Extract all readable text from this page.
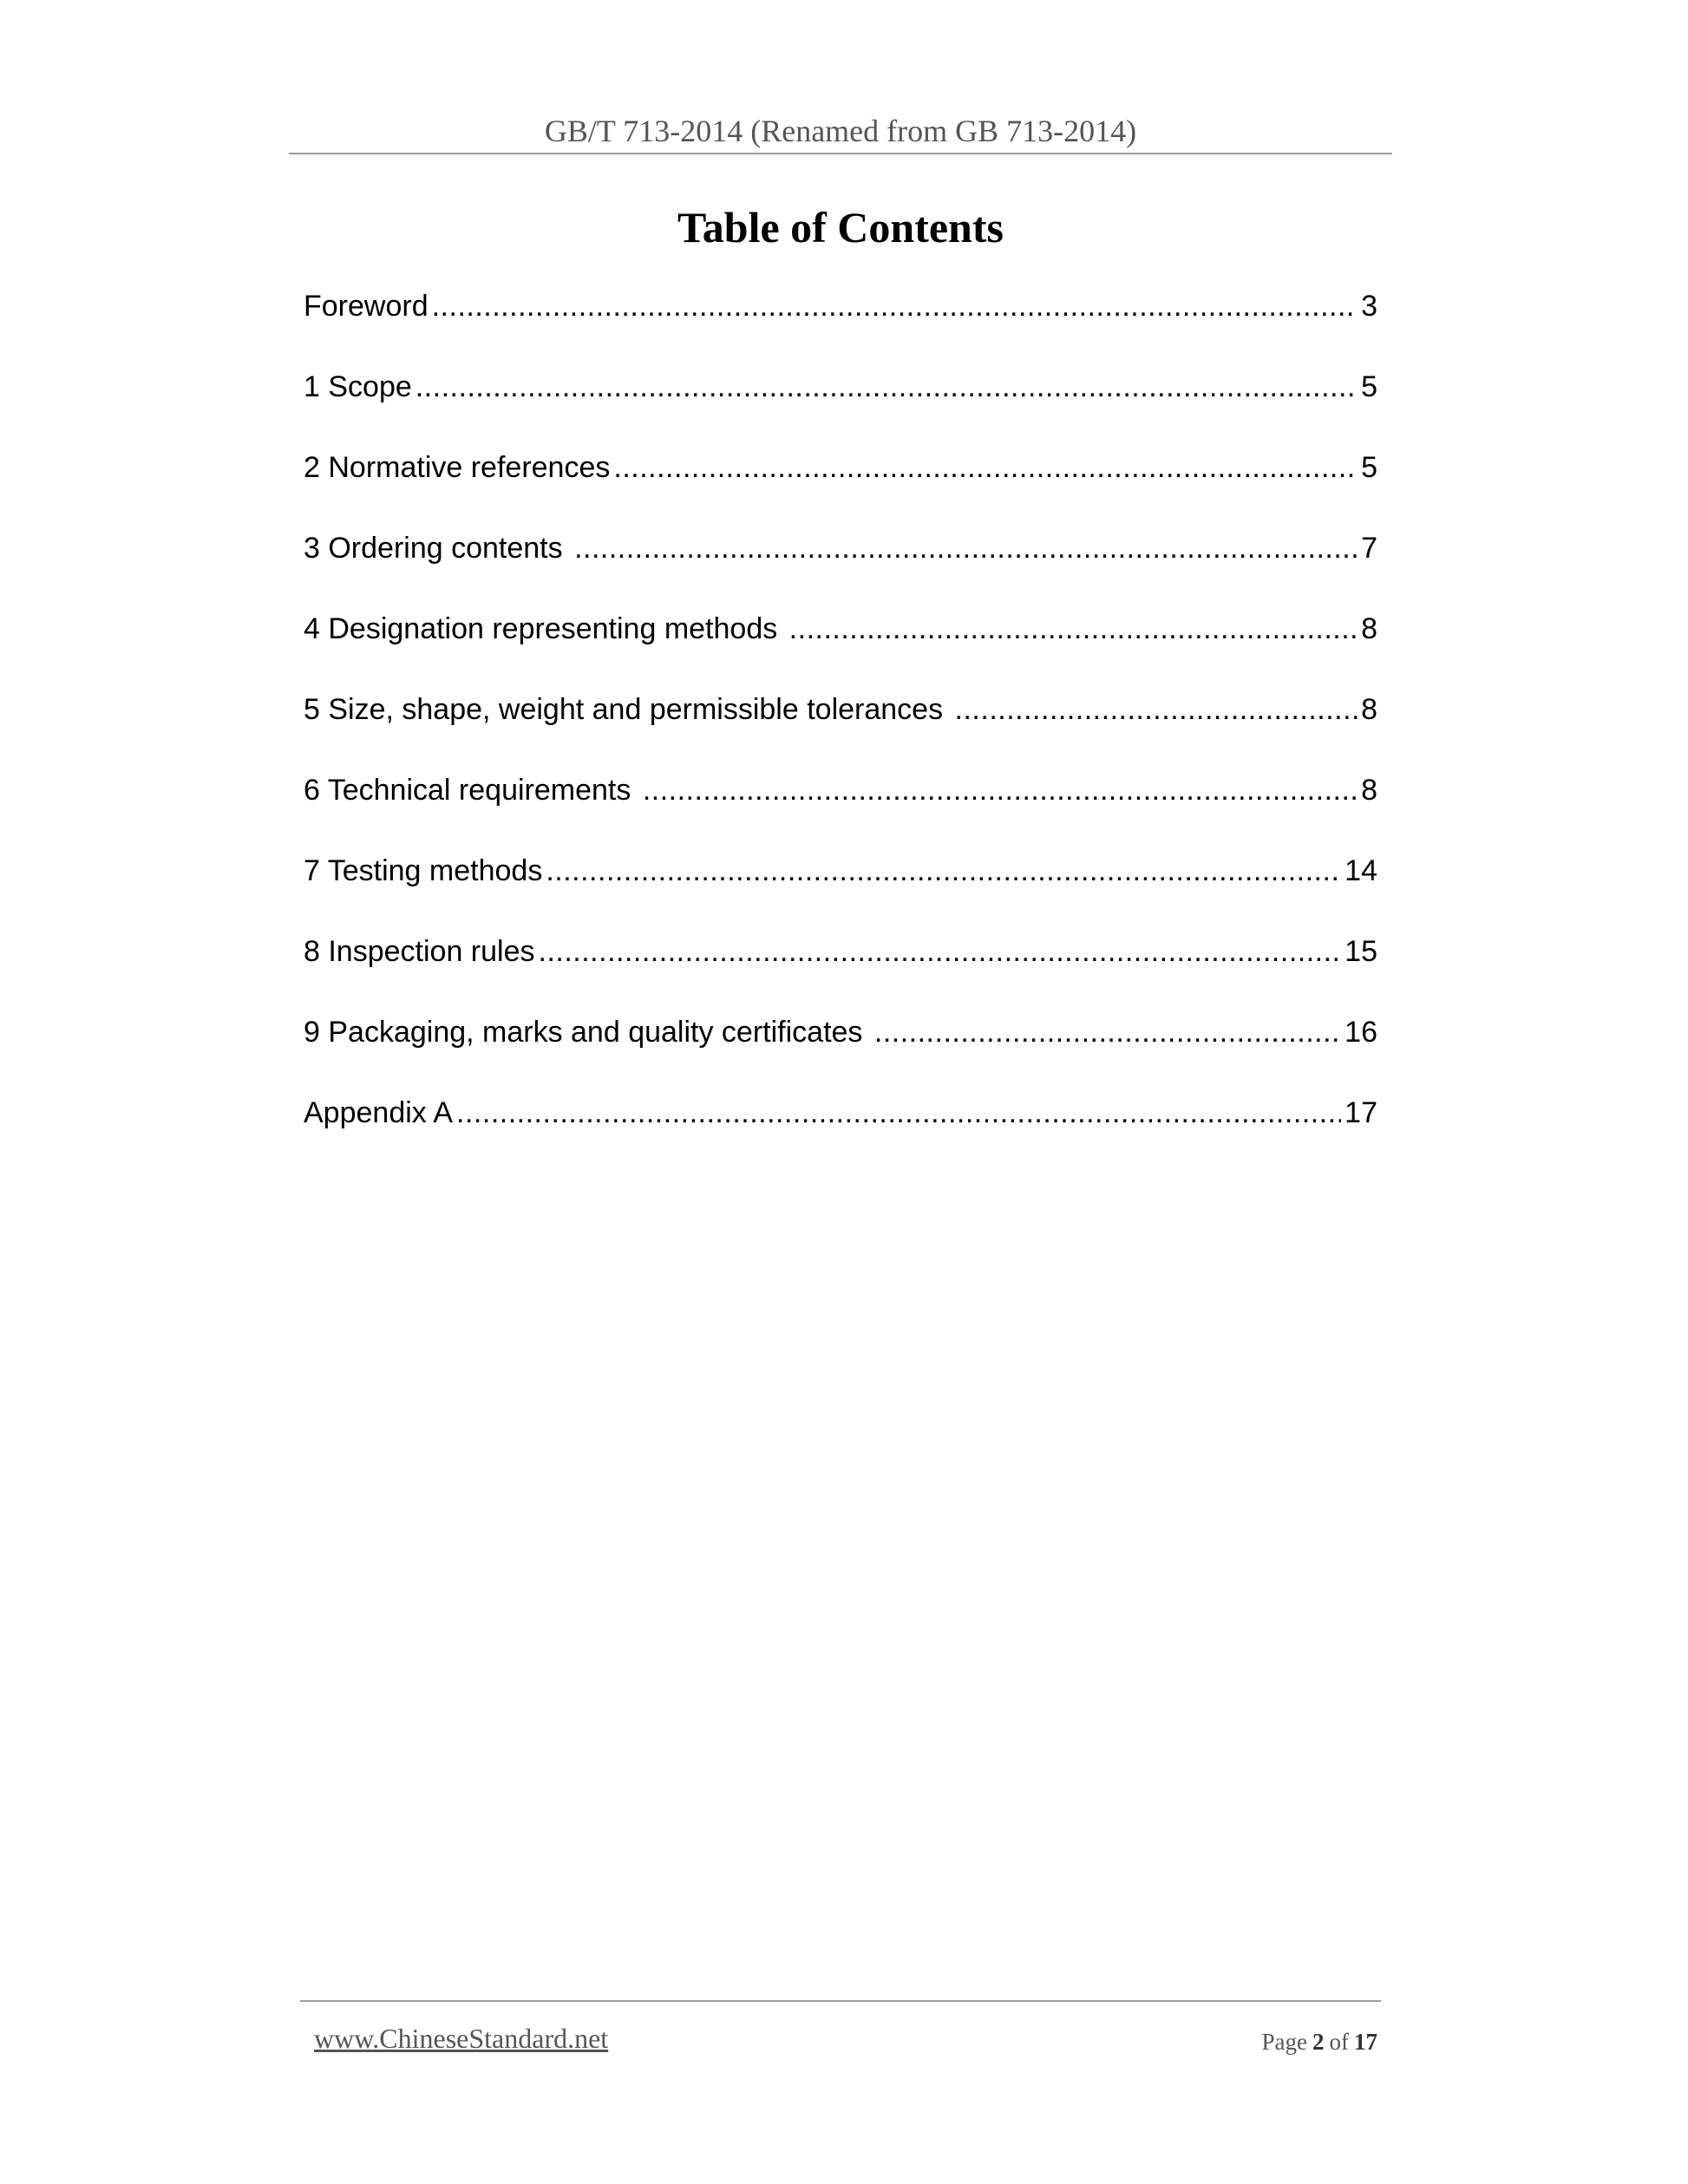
GB/T 713-2014 (Renamed from GB 713-2014)
Table of Contents
Foreword .....	3
1 Scope .....	5
2 Normative references .....	5
3 Ordering contents .....	7
4 Designation representing methods .....	8
5 Size, shape, weight and permissible tolerances .....	8
6 Technical requirements .....	8
7 Testing methods .....	14
8 Inspection rules .....	15
9 Packaging, marks and quality certificates .....	16
Appendix A .....	17
www.ChineseStandard.net	Page 2 of 17
